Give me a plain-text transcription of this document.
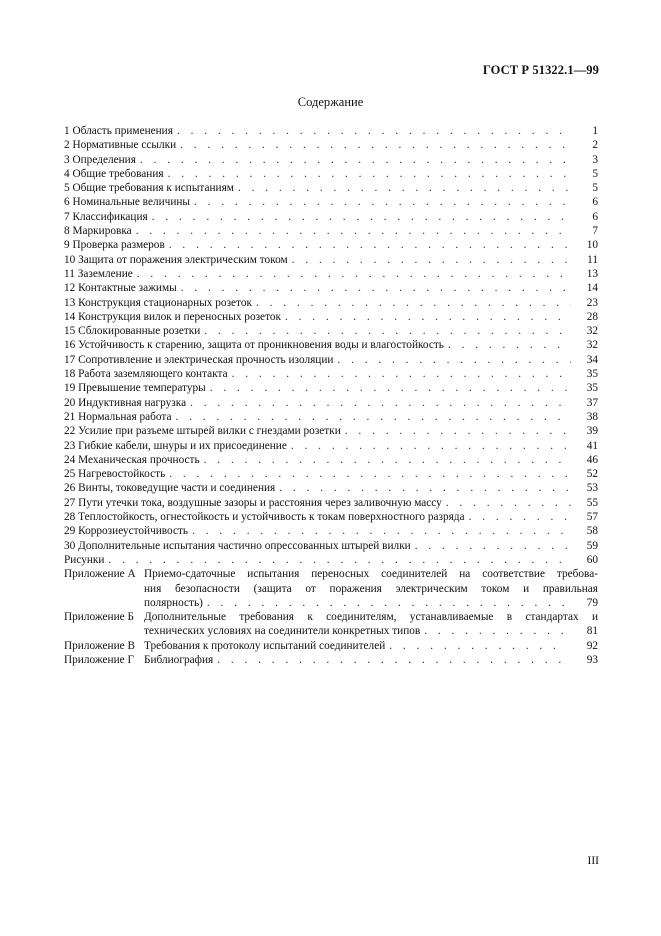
ГОСТ Р 51322.1—99
Содержание
1 Область применения . . .	1
2 Нормативные ссылки . . .	2
3 Определения . . .	3
4 Общие требования . . .	5
5 Общие требования к испытаниям . . .	5
6 Номинальные величины . . .	6
7 Классификация . . .	6
8 Маркировка . . .	7
9 Проверка размеров . . .	10
10 Защита от поражения электрическим током . . .	11
11 Заземление . . .	13
12 Контактные зажимы . . .	14
13 Конструкция стационарных розеток . . .	23
14 Конструкция вилок и переносных розеток . . .	28
15 Сблокированные розетки . . .	32
16 Устойчивость к старению, защита от проникновения воды и влагостойкость . . .	32
17 Сопротивление и электрическая прочность изоляции . . .	34
18 Работа заземляющего контакта . . .	35
19 Превышение температуры . . .	35
20 Индуктивная нагрузка . . .	37
21 Нормальная работа . . .	38
22 Усилие при разъеме штырей вилки с гнездами розетки . . .	39
23 Гибкие кабели, шнуры и их присоединение . . .	41
24 Механическая прочность . . .	46
25 Нагревостойкость . . .	52
26 Винты, токоведущие части и соединения . . .	53
27 Пути утечки тока, воздушные зазоры и расстояния через заливочную массу . . .	55
28 Теплостойкость, огнестойкость и устойчивость к токам поверхностного разряда . . .	57
29 Коррозиеустойчивость . . .	58
30 Дополнительные испытания частично опрессованных штырей вилки . . .	59
Рисунки . . .	60
Приложение А Приемо-сдаточные испытания переносных соединителей на соответствие требова-
ния безопасности (защита от поражения электрическим током и правильная
полярность) . . .	79
Приложение Б Дополнительные требования к соединителям, устанавливаемые в стандартах и
технических условиях на соединители конкретных типов . . .	81
Приложение В Требования к протоколу испытаний соединителей . . .	92
Приложение Г Библиография . . .	93
III
